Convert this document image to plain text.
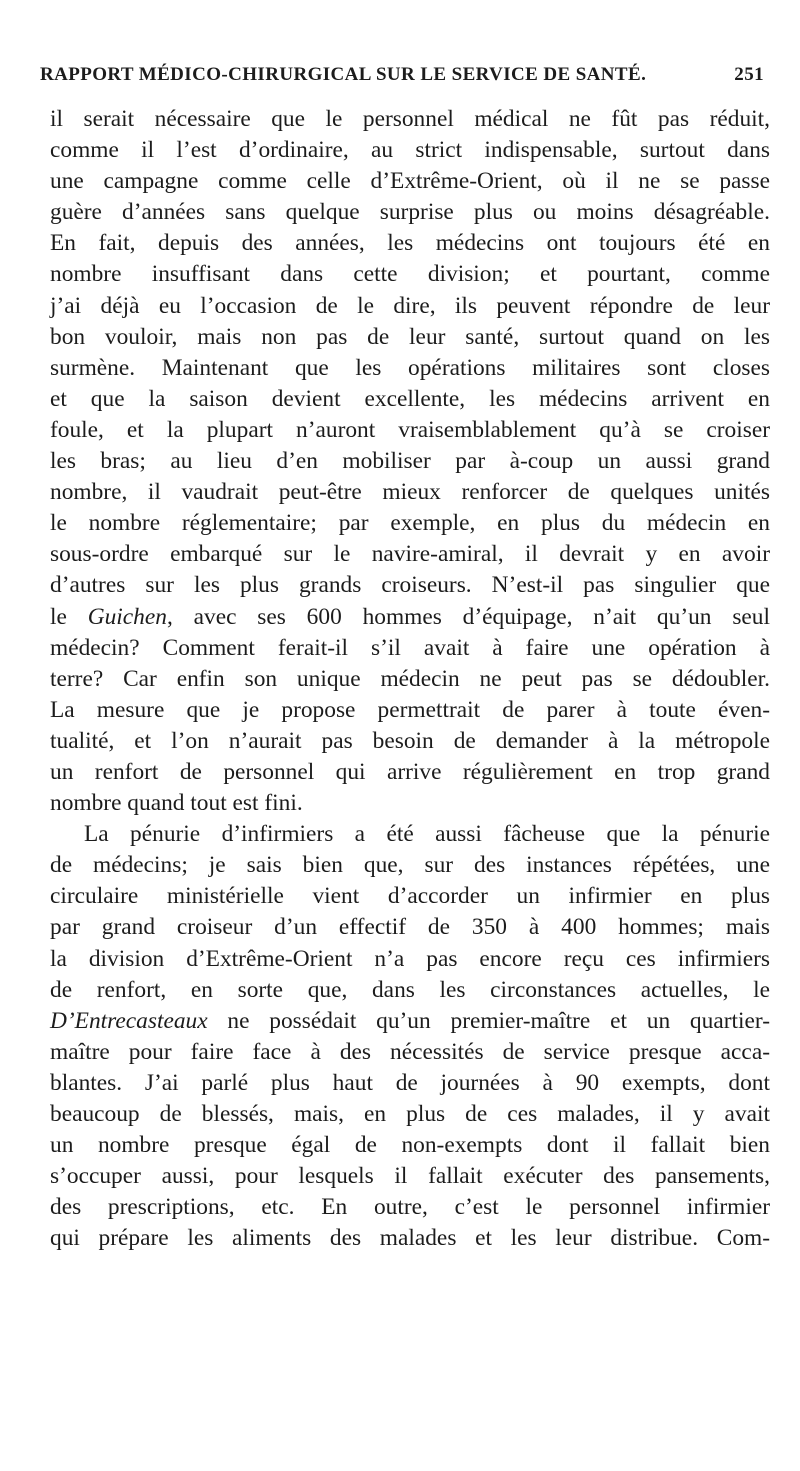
RAPPORT MÉDICO-CHIRURGICAL SUR LE SERVICE DE SANTÉ.	251
il serait nécessaire que le personnel médical ne fût pas réduit,
comme il l’est d’ordinaire, au strict indispensable, surtout dans
une campagne comme celle d’Extrême-Orient, où il ne se passe
guère d’années sans quelque surprise plus ou moins désagréable.
En fait, depuis des années, les médecins ont toujours été en
nombre insuffisant dans cette division; et pourtant, comme
j’ai déjà eu l’occasion de le dire, ils peuvent répondre de leur
bon vouloir, mais non pas de leur santé, surtout quand on les
surmène. Maintenant que les opérations militaires sont closes
et que la saison devient excellente, les médecins arrivent en
foule, et la plupart n’auront vraisemblablement qu’à se croiser
les bras; au lieu d’en mobiliser par à-coup un aussi grand
nombre, il vaudrait peut-être mieux renforcer de quelques unités
le nombre réglementaire; par exemple, en plus du médecin en
sous-ordre embarqué sur le navire-amiral, il devrait y en avoir
d’autres sur les plus grands croiseurs. N’est-il pas singulier que
le Guichen, avec ses 600 hommes d’équipage, n’ait qu’un seul
médecin? Comment ferait-il s’il avait à faire une opération à
terre? Car enfin son unique médecin ne peut pas se dédoubler.
La mesure que je propose permettrait de parer à toute éven-
tualité, et l’on n’aurait pas besoin de demander à la métropole
un renfort de personnel qui arrive régulièrement en trop grand
nombre quand tout est fini.
La pénurie d’infirmiers a été aussi fâcheuse que la pénurie
de médecins; je sais bien que, sur des instances répétées, une
circulaire ministérielle vient d’accorder un infirmier en plus
par grand croiseur d’un effectif de 350 à 400 hommes; mais
la division d’Extrême-Orient n’a pas encore reçu ces infirmiers
de renfort, en sorte que, dans les circonstances actuelles, le
D’Entrecasteaux ne possédait qu’un premier-maître et un quartier-
maître pour faire face à des nécessités de service presque acca-
blantes. J’ai parlé plus haut de journées à 90 exempts, dont
beaucoup de blessés, mais, en plus de ces malades, il y avait
un nombre presque égal de non-exempts dont il fallait bien
s’occuper aussi, pour lesquels il fallait exécuter des pansements,
des prescriptions, etc. En outre, c’est le personnel infirmier
qui prépare les aliments des malades et les leur distribue. Com-
